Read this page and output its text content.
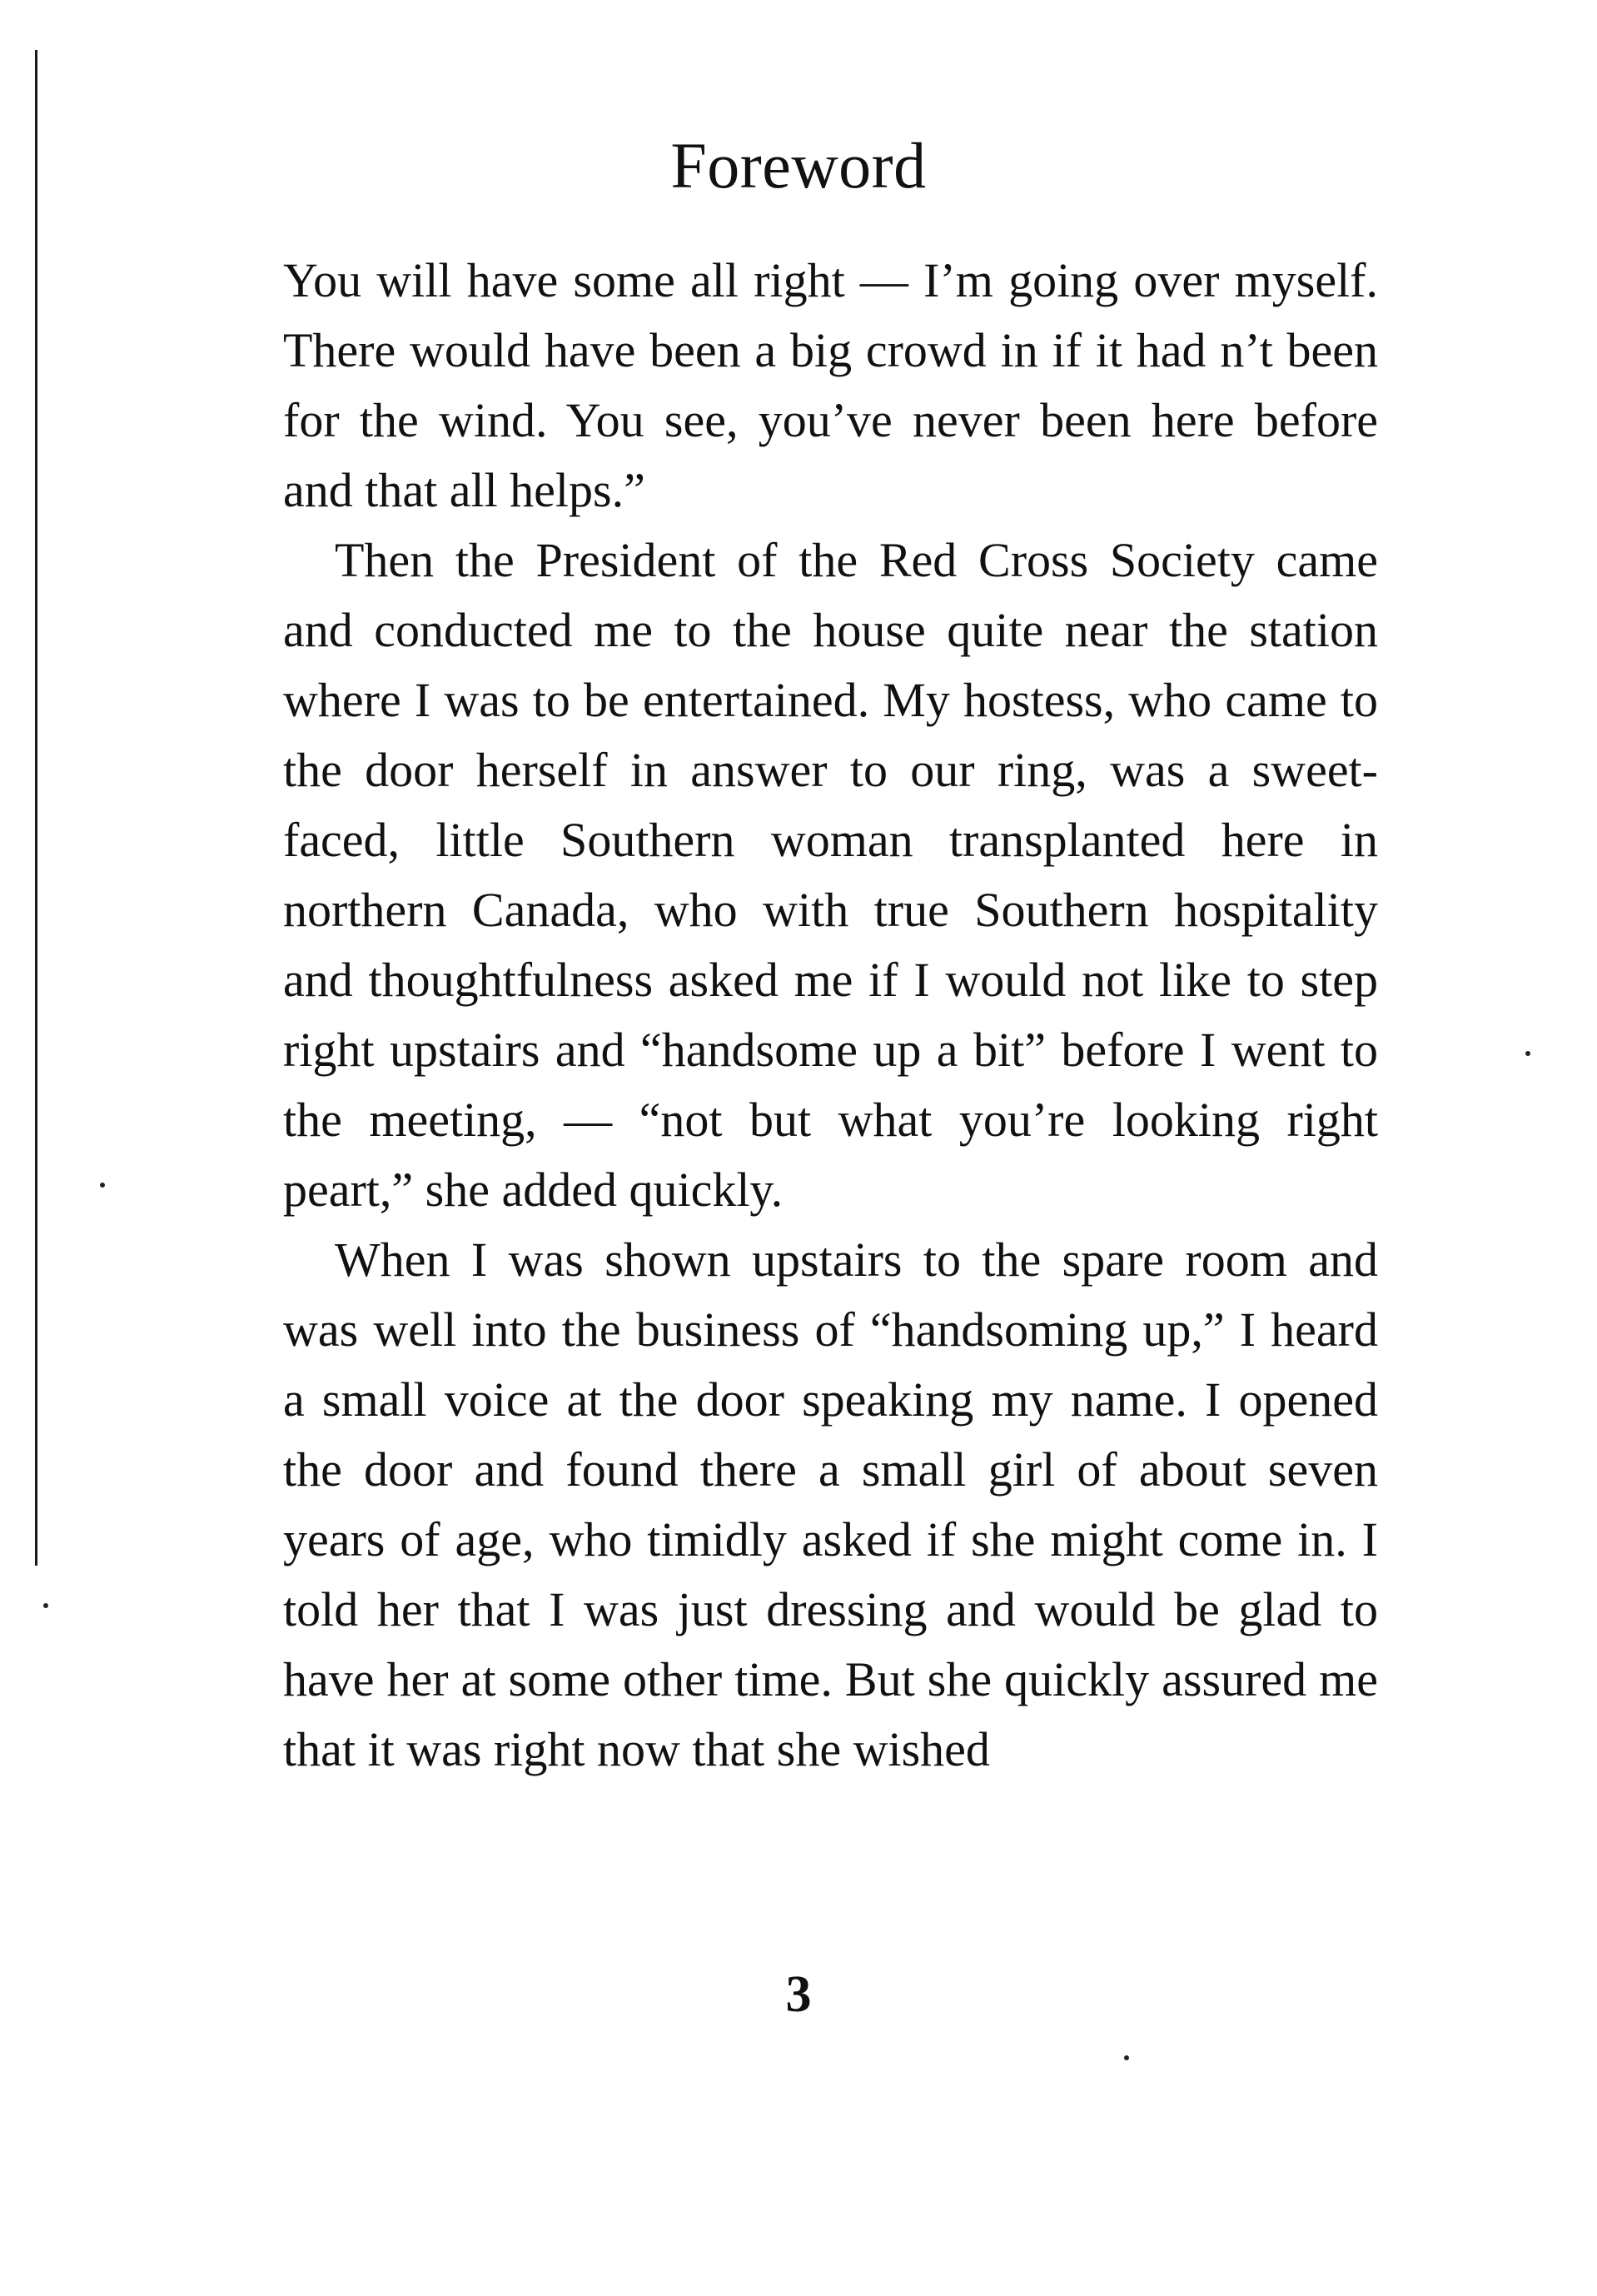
Foreword

You will have some all right — I’m going over myself. There would have been a big crowd in if it had n’t been for the wind. You see, you’ve never been here before and that all helps.”

Then the President of the Red Cross Society came and conducted me to the house quite near the station where I was to be entertained. My hostess, who came to the door herself in answer to our ring, was a sweet-faced, little Southern woman transplanted here in northern Canada, who with true Southern hospitality and thoughtfulness asked me if I would not like to step right upstairs and “handsome up a bit” before I went to the meeting, — “not but what you’re looking right peart,” she added quickly.

When I was shown upstairs to the spare room and was well into the business of “handsoming up,” I heard a small voice at the door speaking my name. I opened the door and found there a small girl of about seven years of age, who timidly asked if she might come in. I told her that I was just dressing and would be glad to have her at some other time. But she quickly assured me that it was right now that she wished

3
